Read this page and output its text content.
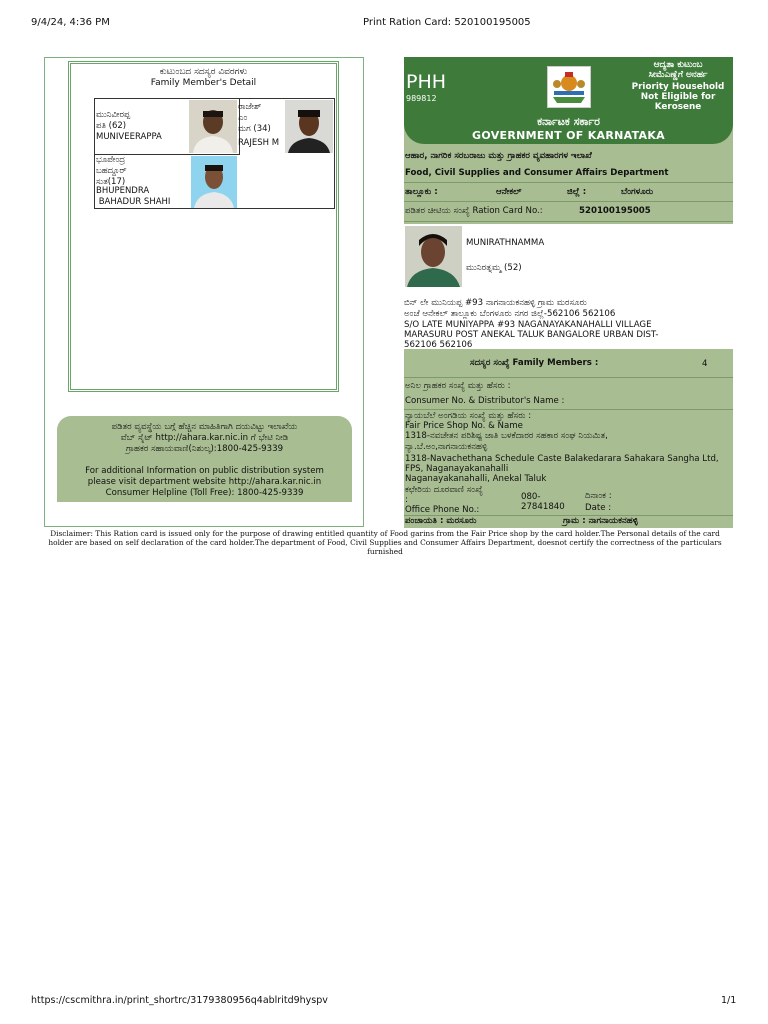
9/4/24, 4:36 PM	Print Ration Card: 520100195005
ಕುಟುಂಬದ ಸದಸ್ಯರ ವಿವರಗಳು
Family Member's Detail
ಮುನಿವೀರಪ್ಪ
ಪತಿ (62)
MUNIVEERAPPA
ರಾಜೇಶ್
ಎಂ
ಮಗ (34)
RAJESH M
ಭೂಪೇಂದ್ರ
ಬಹದ್ದೂರ್
ಸುತ(17)
BHUPENDRA
BAHADUR SHAHI
ಪಡಿತರ ವ್ಯವಸ್ಥೆಯ ಬಗ್ಗೆ ಹೆಚ್ಚಿನ ಮಾಹಿತಿಗಾಗಿ ದಯವಿಟ್ಟು ಇಲಾಖೆಯ
ವೆಬ್ ಸೈಟ್ http://ahara.kar.nic.in ಗೆ ಭೇಟಿ ನೀಡಿ
ಗ್ರಾಹಕರ ಸಹಾಯವಾಣಿ(ನಿಶುಲ್ಕ):1800-425-9339
For additional Information on public distribution system
please visit department website http://ahara.kar.nic.in
Consumer Helpline (Toll Free): 1800-425-9339
PHH
989812
ಆದ್ಯತಾ ಕುಟುಂಬ
ಸೀಮೆಎಣ್ಣೆಗೆ ಅನರ್ಹ
Priority Household
Not Eligible for
Kerosene
ಕರ್ನಾಟಕ ಸರ್ಕಾರ
GOVERNMENT OF KARNATAKA
ಆಹಾರ, ನಾಗರಿಕ ಸರಬರಾಜು ಮತ್ತು ಗ್ರಾಹಕರ ವ್ಯವಹಾರಗಳ ಇಲಾಖೆ
Food, Civil Supplies and Consumer Affairs Department
ತಾಲ್ಲೂಕು :	ಆನೇಕಲ್	ಜಿಲ್ಲೆ :	ಬೆಂಗಳೂರು
ಪಡಿತರ ಚೀಟಿಯ ಸಂಖ್ಯೆ Ration Card No.:	520100195005
MUNIRATHNAMMA
ಮುನಿರತ್ನಮ್ಮ (52)
ಬಿನ್ ಲೇ ಮುನಿಯಪ್ಪ #93 ನಾಗನಾಯಕನಹಳ್ಳಿ ಗ್ರಾಮ ಮರಸೂರು
ಅಂಚೆ ಆನೇಕಲ್ ತಾಲ್ಲೂಕು ಬೆಂಗಳೂರು ನಗರ ಜಿಲ್ಲೆ-562106 562106
S/O LATE MUNIYAPPA #93 NAGANAYAKANAHALLI VILLAGE
MARASURU POST ANEKAL TALUK BANGALORE URBAN DIST-
562106 562106
ಸದಸ್ಯರ ಸಂಖ್ಯೆ Family Members :	4
ಅನಿಲ ಗ್ರಾಹಕರ ಸಂಖ್ಯೆ ಮತ್ತು ಹೆಸರು :
Consumer No. & Distributor's Name :
ನ್ಯಾಯಬೆಲೆ ಅಂಗಡಿಯ ಸಂಖ್ಯೆ ಮತ್ತು ಹೆಸರು :
Fair Price Shop No. & Name
1318-ನವಚೇತನ ಪರಿಶಿಷ್ಟ ಜಾತಿ ಬಳಕೆದಾರರ ಸಹಕಾರ ಸಂಘ ನಿಯಮಿತ,
ನ್ಯಾ.ಬೆ.ಅಂ,ನಾಗನಾಯಕನಹಳ್ಳಿ
1318-Navachethana Schedule Caste Balakedarara Sahakara Sangha Ltd,
FPS, Naganayakanahalli
Naganayakanahalli, Anekal Taluk
ಕಛೇರಿಯ ದೂರವಾಣಿ ಸಂಖ್ಯೆ
:
Office Phone No.:
080-
27841840
ದಿನಾಂಕ :
Date :
ಪಂಚಾಯತಿ : ಮರಸೂರು	ಗ್ರಾಮ : ನಾಗನಾಯಕನಹಳ್ಳಿ
Disclaimer: This Ration card is issued only for the purpose of drawing entitled quantity of Food garins from the Fair Price shop by the card holder.The Personal details of the card holder are based on self declaration of the card holder.The department of Food, Civil Supplies and Consumer Affairs Department, doesnot certify the correctness of the particulars furnished
https://cscmithra.in/print_shortrc/3179380956q4ablritd9hyspv	1/1
